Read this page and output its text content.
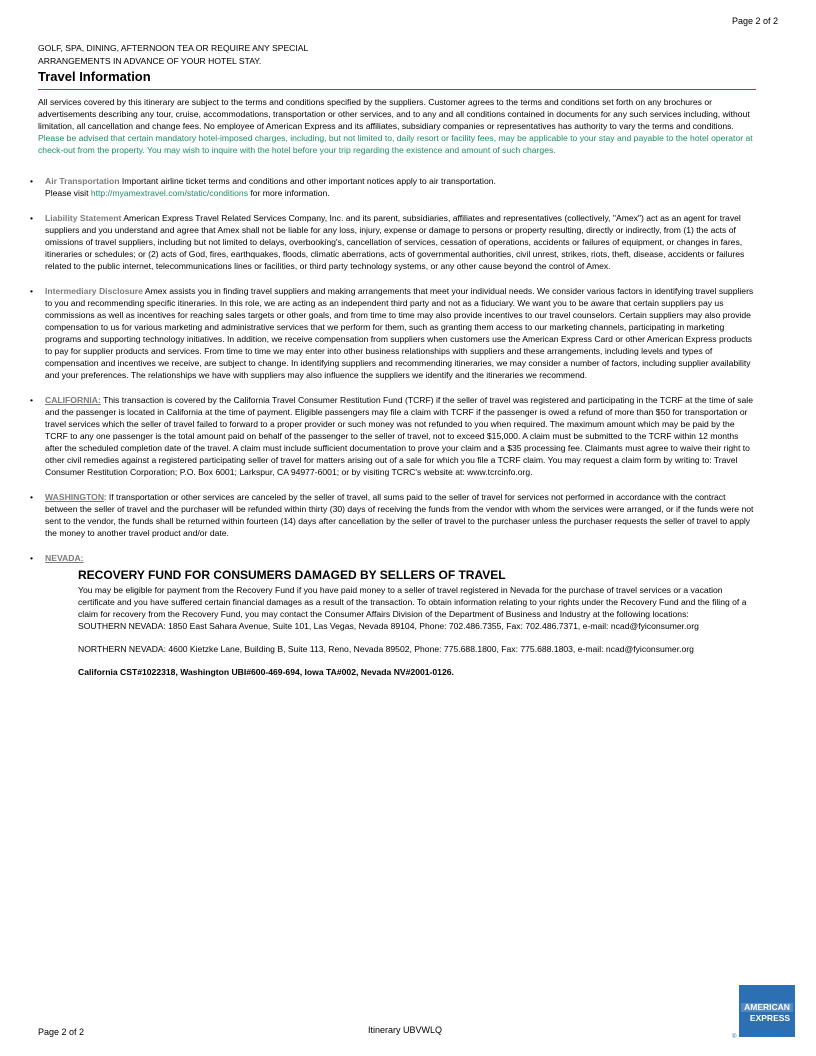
Page 2 of 2
GOLF, SPA, DINING, AFTERNOON TEA OR REQUIRE ANY SPECIAL
ARRANGEMENTS IN ADVANCE OF YOUR HOTEL STAY.
Travel Information
All services covered by this itinerary are subject to the terms and conditions specified by the suppliers. Customer agrees to the terms and conditions set forth on any brochures or advertisements describing any tour, cruise, accommodations, transportation or other services, and to any and all conditions contained in documents for any such services including, without limitation, all cancellation and change fees. No employee of American Express and its affiliates, subsidiary companies or representatives has authority to vary the terms and conditions. Please be advised that certain mandatory hotel-imposed charges, including, but not limited to, daily resort or facility fees, may be applicable to your stay and payable to the hotel operator at check-out from the property. You may wish to inquire with the hotel before your trip regarding the existence and amount of such charges.
• Air Transportation Important airline ticket terms and conditions and other important notices apply to air transportation.
Please visit http://myamextravel.com/static/conditions for more information.
• Liability Statement American Express Travel Related Services Company, Inc. and its parent, subsidiaries, affiliates and representatives (collectively, "Amex") act as an agent for travel suppliers and you understand and agree that Amex shall not be liable for any loss, injury, expense or damage to persons or property resulting, directly or indirectly, from (1) the acts of omissions of travel suppliers, including but not limited to delays, overbooking's, cancellation of services, cessation of operations, accidents or failures of equipment, or changes in fares, itineraries or schedules; or (2) acts of God, fires, earthquakes, floods, climatic aberrations, acts of governmental authorities, civil unrest, strikes, riots, theft, disease, accidents or failures related to the public internet, telecommunications lines or facilities, or third party technology systems, or any other cause beyond the control of Amex.
• Intermediary Disclosure Amex assists you in finding travel suppliers and making arrangements that meet your individual needs. We consider various factors in identifying travel suppliers to you and recommending specific itineraries. In this role, we are acting as an independent third party and not as a fiduciary. We want you to be aware that certain suppliers pay us commissions as well as incentives for reaching sales targets or other goals, and from time to time may also provide incentives to our travel counselors. Certain suppliers may also provide compensation to us for various marketing and administrative services that we perform for them, such as granting them access to our marketing channels, participating in marketing programs and supporting technology initiatives. In addition, we receive compensation from suppliers when customers use the American Express Card or other American Express products to pay for supplier products and services. From time to time we may enter into other business relationships with suppliers and these arrangements, including levels and types of compensation and incentives we receive, are subject to change. In identifying suppliers and recommending itineraries, we may consider a number of factors, including supplier availability and your preferences. The relationships we have with suppliers may also influence the suppliers we identify and the itineraries we recommend.
• CALIFORNIA: This transaction is covered by the California Travel Consumer Restitution Fund (TCRF) if the seller of travel was registered and participating in the TCRF at the time of sale and the passenger is located in California at the time of payment. Eligible passengers may file a claim with TCRF if the passenger is owed a refund of more than $50 for transportation or travel services which the seller of travel failed to forward to a proper provider or such money was not refunded to you when required. The maximum amount which may be paid by the TCRF to any one passenger is the total amount paid on behalf of the passenger to the seller of travel, not to exceed $15,000. A claim must be submitted to the TCRF within 12 months after the scheduled completion date of the travel. A claim must include sufficient documentation to prove your claim and a $35 processing fee. Claimants must agree to waive their right to other civil remedies against a registered participating seller of travel for matters arising out of a sale for which you file a TCRF claim. You may request a claim form by writing to: Travel Consumer Restitution Corporation; P.O. Box 6001; Larkspur, CA 94977-6001; or by visiting TCRC's website at: www.tcrcinfo.org.
• WASHINGTON: If transportation or other services are canceled by the seller of travel, all sums paid to the seller of travel for services not performed in accordance with the contract between the seller of travel and the purchaser will be refunded within thirty (30) days of receiving the funds from the vendor with whom the services were arranged, or if the funds were not sent to the vendor, the funds shall be returned within fourteen (14) days after cancellation by the seller of travel to the purchaser unless the purchaser requests the seller of travel to apply the money to another travel product and/or date.
• NEVADA:
RECOVERY FUND FOR CONSUMERS DAMAGED BY SELLERS OF TRAVEL
You may be eligible for payment from the Recovery Fund if you have paid money to a seller of travel registered in Nevada for the purchase of travel services or a vacation certificate and you have suffered certain financial damages as a result of the transaction. To obtain information relating to your rights under the Recovery Fund and the filing of a claim for recovery from the Recovery Fund, you may contact the Consumer Affairs Division of the Department of Business and Industry at the following locations:
SOUTHERN NEVADA: 1850 East Sahara Avenue, Suite 101, Las Vegas, Nevada 89104, Phone: 702.486.7355, Fax: 702.486.7371, e-mail: ncad@fyiconsumer.org
NORTHERN NEVADA: 4600 Kietzke Lane, Building B, Suite 113, Reno, Nevada 89502, Phone: 775.688.1800, Fax: 775.688.1803, e-mail: ncad@fyiconsumer.org
California CST#1022318, Washington UBI#600-469-694, Iowa TA#002, Nevada NV#2001-0126.
Page 2 of 2	Itinerary UBVWLQ
AMERICAN
EXPRESS
®
